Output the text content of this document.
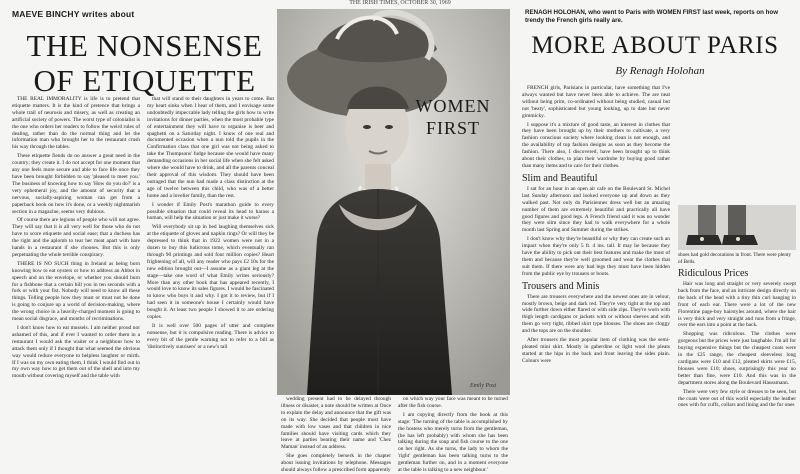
THE IRISH TIMES, OCTOBER 30, 1969
MAEVE BINCHY writes about
THE NONSENSE
OF ETIQUETTE

THE REAL IMMORALITY is life is to pretend that etiquette matters. It is the kind of pretence that brings a whole trail of neurosis and misery, as well as creating an artificial society of powers. The worst type of colonialist is the one who orders her readers to follow the weird rules of dealing, rather than do the normal thing and let the information man who brought her to the restaurant crush his way through the tables.

These etiquette fiends do no answer a great need in the country; they create it. I do not accept for one moment that any one feels more secure and able to face life once they have been brought forbidden to say 'pleased to meet you.' The business of knowing how to say 'How do you do?' is a very ephemeral joy, and the amount of security that a nervous, socially-aspiring woman can get from a paperback book on how it's done, or a weekly nightmarish section in a magazine, seems very dubious.

Of course there are legions of people who will not agree. They will say that it is all very well for those who do not have to score etiquette and social ease; that a duchess has the right and the aplomb to tear her meat apart with bare hands in a restaurant if she chooses. But this is only perpetuating the whole terrible conspiracy.

THERE IS NO SUCH thing in Ireland as being born knowing how to eat oysters or how to address an Abbot in speech and on the envelope, or whether you should burn for a fishbone that a certain bill you in ten seconds with a fork or with your fist. Nobody will need to know all these things. Telling people how they must or must not be done is going to conjure up a world of decision-making, where the wrong choice in a heavily-charged moment is going to mean social disgrace, and months of recriminations.

I don't know how to eat mussels. I am neither proud nor ashamed of this, and if ever I wanted to order them in a restaurant I would ask the waiter or a neighbour how to attack them only if I thought that what seemed the obvious way would reduce everyone to helpless laughter or mirth. If I was on my own eating them, I think I would find out in my own way how to get them out of the shell and into my mouth without covering myself and the table with

that will stand to their daughters in years to come. But my heart sinks when I hear of them, and I envisage some undoubtedly impeccable lady telling the girls how to write invitations for dinner parties, when the most probable type of entertainment they will have to organise is beer and spaghetti on a Saturday night. I know of one real and documented occasion when a nun told the pupils in the Confirmation class that one girl was not being asked to take the Thompsons' fudge because she would have many demanding occasions in her social life when she felt asked where she would have to drink, and all the parents conceal their approval of this wisdom. They should have been outraged that the nun had made a class distinction at the age of twelve between this child, who was of a better home and a lovelier family, than the rest.

I wonder if Emily Post's marathon guide to every possible situation that could reveal its head to harass a human, will help the situation or just make it worse?

Will everybody sit up in bed laughing themselves sick at the etiquette of gloves and napkin rings? Or will they be depressed to think that in 1922 women were not in a dozen to buy this ludicrous tome, which eventually ran through 90 printings and sold four million copies? Heart frightening of all, will any reader who pays £2 10s for the new edition brought out—I assume as a giant leg at the stage—take one word of what Emily writes seriously? More than any other book that has appeared recently, I would love to know its sales figures. I would be fascinated to know who buys it and why. I got it to review, but if I had seen it in someone's house I certainly would have bought it. At least two people I showed it to are ordering copies.

It is well over 500 pages of utter and complete nonsense, but it is compulsive reading. There is advice to every bit of the gentle warning not to refer to a bill as 'distinctively sunrisers' or a new's tall

WOMEN
FIRST
Emily Post

wedding present had to be delayed through illness or disaster, a note should be written at Once to explain the delay and announce that the gift was on its way. She decided that people must have made with low vases and that children in nice families should have visiting cards which they leave at parties bearing their name and 'Chez Maman' instead of an address.

She goes completely berserk in the chapter about issuing invitations by telephone. Messages should always follow a prescribed form apparently

on which way your face was meant to be turned after the fish course.

I am copying directly from the book at this stage: 'The turning of the table is accomplished by the hostess who merely turns from the gentleman, (he has left probably) with whom she has been talking during the soup and fish course to the one on her right. As she turns, the lady to whom the 'right' gentleman has been talking turns to the gentleman further on, and in a moment everyone at the table is talking to a new neighbour.'

RENAGH HOLOHAN, who went to Paris with WOMEN FIRST last week, reports on how trendy the French girls really are.
MORE ABOUT PARIS
By Renagh Holohan

FRENCH girls, Parisians in particular, have something that I've always wanted but have never been able to achieve. The are neat without being prim, co-ordinated without being studied, casual but not 'beaty', sophisticated but young looking, up to date but never gimmicky.

I suppose it's a mixture of good taste, an interest in clothes that they have been brought up by their mothers to cultivate, a very fashion conscious society where looking clean is not enough, and the availability of top fashion designs as soon as they become the fashion. There also, I discovered, have been brought up to think about their clothes, to plan their wardrobe by buying good rather than many items and to care for their clothes.

Slim and Beautiful

I sat for an hour in an open air cafe on the Boulevard St. Michel last Sunday afternoon and looked everyone up and down as they walked past. Not only do Parisiennes dress well but an amazing number of them are extremely beautiful and practically all have good figures and good legs. A French friend said it was no wonder they were slim since they had to walk everywhere for a whole month last Spring and Summer during the strikes.

I don't know why they're beautiful or why they can create such an impact when they're only 5 ft. 4 ins. tall. It may be because they have the ability to pick out their best features and make the most of them and because they're well groomed and wear the clothes that suit them. If there were any bad legs they must have been hidden from the public eye by trousers or boots.

Trousers and Minis

There are trousers everywhere and the newest ones are in velour, mostly brown, beige and dark red. They're very tight at the top and wide further down either flared or with side zips. They're worn with thigh length cardigans or jackets with or without sleeves and with them go very tight, ribbed shirt type blouses. The shoes are cloggy and the tops are on the shoulder.

After trousers the most popular item of clothing was the semi-pleated mini skirt. Mostly in gaberdine or light wool the pleats started at the hips in the back and front leaving the sides plain. Colours were

shoes had gold decorations in front. There were plenty of Bells.
Ridiculous Prices

Hair was long and straight or very severely swept back from the face, and an intricate design directly on the back of the head with a tiny thin curl hanging in front of each ear. There were a lot of the new Florentine page-boy hairstyles around, where the hair is very thick and very straight and runs from a fringe, over the ears into a point at the back.

Shopping was ridiculous. The clothes were gorgeous but the prices were just laughable. I'm all for buying expensive things but the cheapest coats were in the £25 range, the cheapest sleeveless long cardigans were £10 and £12, pleated skirts were £15, blouses were £10; shoes, surprisingly this year no better than fine, were £10. And this was in the department stores along the Boulevard Haussmann.

There were very few style or dresses to be seen, but the coats were out of this world especially the leather ones with fur cuffs, collars and lining and the fur ones
